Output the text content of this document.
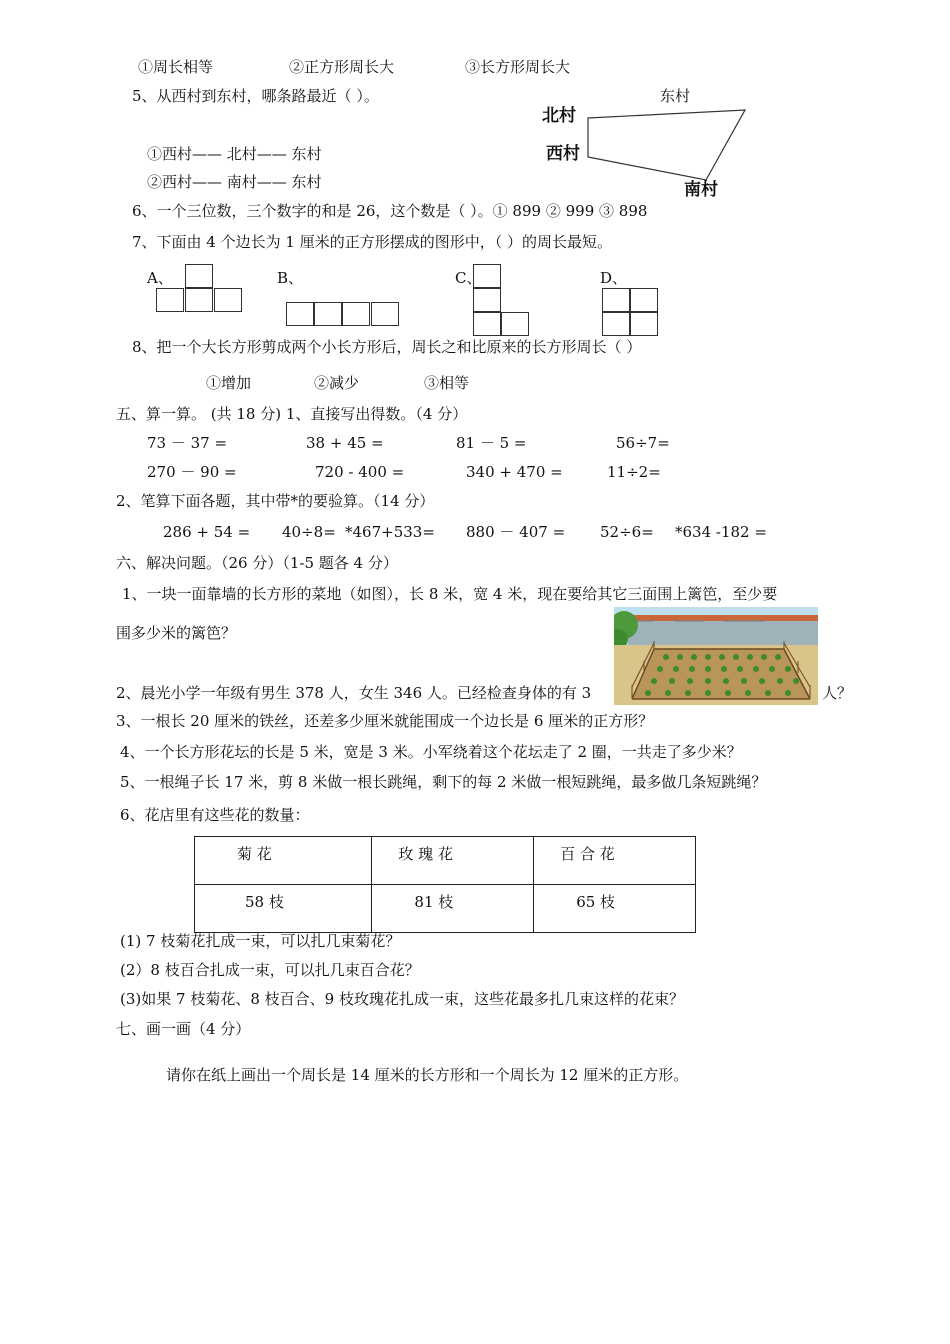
①周长相等	②正方形周长大	③长方形周长大
5、从西村到东村，哪条路最近（ ）。
①西村—— 北村—— 东村
②西村—— 南村—— 东村
北村
西村
东村
南村
6、一个三位数，三个数字的和是 26，这个数是（ ）。① 899 ② 999 ③ 898
7、下面由 4 个边长为 1 厘米的正方形摆成的图形中，（ ）的周长最短。
A、	B、	C、	D、
8、把一个大长方形剪成两个小长方形后，周长之和比原来的长方形周长（ ）
①增加	②减少	③相等
五、算一算。 (共 18 分) 1、直接写出得数。（4 分）
73 － 37 =	38 + 45 =	81 － 5 =	56÷7=
270 － 90 =	720 - 400 =	340 + 470 =	11÷2=
2、笔算下面各题，其中带*的要验算。（14 分）
286 + 54 = 40÷8= *467+533= 880 － 407 = 52÷6= *634 -182 =
六、解决问题。（26 分）（1-5 题各 4 分）
1、一块一面靠墙的长方形的菜地（如图），长 8 米，宽 4 米，现在要给其它三面围上篱笆，至少要
围多少米的篱笆？
2、晨光小学一年级有男生 378 人，女生 346 人。已经检查身体的有 3	人？
3、一根长 20 厘米的铁丝，还差多少厘米就能围成一个边长是 6 厘米的正方形？
4、一个长方形花坛的长是 5 米，宽是 3 米。小军绕着这个花坛走了 2 圈，一共走了多少米？
5、一根绳子长 17 米，剪 8 米做一根长跳绳，剩下的每 2 米做一根短跳绳，最多做几条短跳绳？
6、花店里有这些花的数量：
菊 花	玫 瑰 花	百 合 花
58 枝	81 枝	65 枝
(1) 7 枝菊花扎成一束，可以扎几束菊花？
(2）8 枝百合扎成一束，可以扎几束百合花？
(3)如果 7 枝菊花、8 枝百合、9 枝玫瑰花扎成一束，这些花最多扎几束这样的花束？
七、画一画（4 分）
请你在纸上画出一个周长是 14 厘米的长方形和一个周长为 12 厘米的正方形。
